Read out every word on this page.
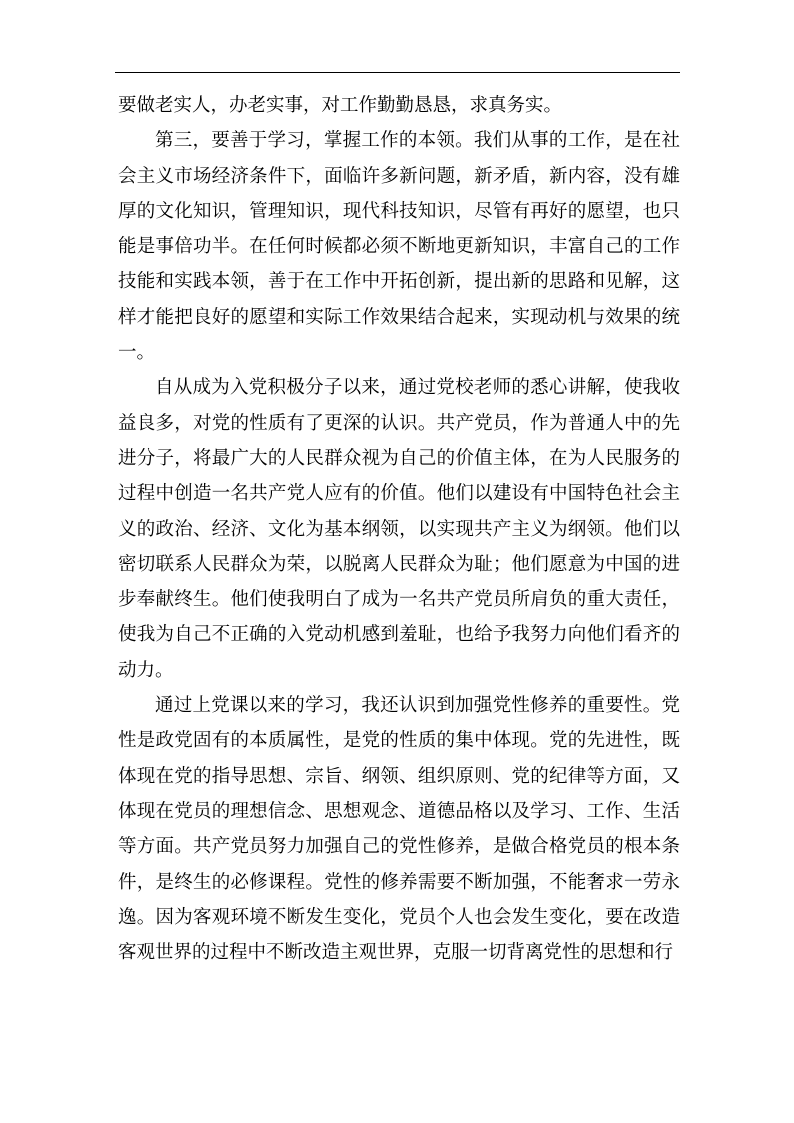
要做老实人，办老实事，对工作勤勤恳恳，求真务实。

第三，要善于学习，掌握工作的本领。我们从事的工作，是在社会主义市场经济条件下，面临许多新问题，新矛盾，新内容，没有雄厚的文化知识，管理知识，现代科技知识，尽管有再好的愿望，也只能是事倍功半。在任何时候都必须不断地更新知识，丰富自己的工作技能和实践本领，善于在工作中开拓创新，提出新的思路和见解，这样才能把良好的愿望和实际工作效果结合起来，实现动机与效果的统一。

自从成为入党积极分子以来，通过党校老师的悉心讲解，使我收益良多，对党的性质有了更深的认识。共产党员，作为普通人中的先进分子，将最广大的人民群众视为自己的价值主体，在为人民服务的过程中创造一名共产党人应有的价值。他们以建设有中国特色社会主义的政治、经济、文化为基本纲领，以实现共产主义为纲领。他们以密切联系人民群众为荣，以脱离人民群众为耻；他们愿意为中国的进步奉献终生。他们使我明白了成为一名共产党员所肩负的重大责任，使我为自己不正确的入党动机感到羞耻，也给予我努力向他们看齐的动力。

通过上党课以来的学习，我还认识到加强党性修养的重要性。党性是政党固有的本质属性，是党的性质的集中体现。党的先进性，既体现在党的指导思想、宗旨、纲领、组织原则、党的纪律等方面，又体现在党员的理想信念、思想观念、道德品格以及学习、工作、生活等方面。共产党员努力加强自己的党性修养，是做合格党员的根本条件，是终生的必修课程。党性的修养需要不断加强，不能奢求一劳永逸。因为客观环境不断发生变化，党员个人也会发生变化，要在改造客观世界的过程中不断改造主观世界，克服一切背离党性的思想和行
